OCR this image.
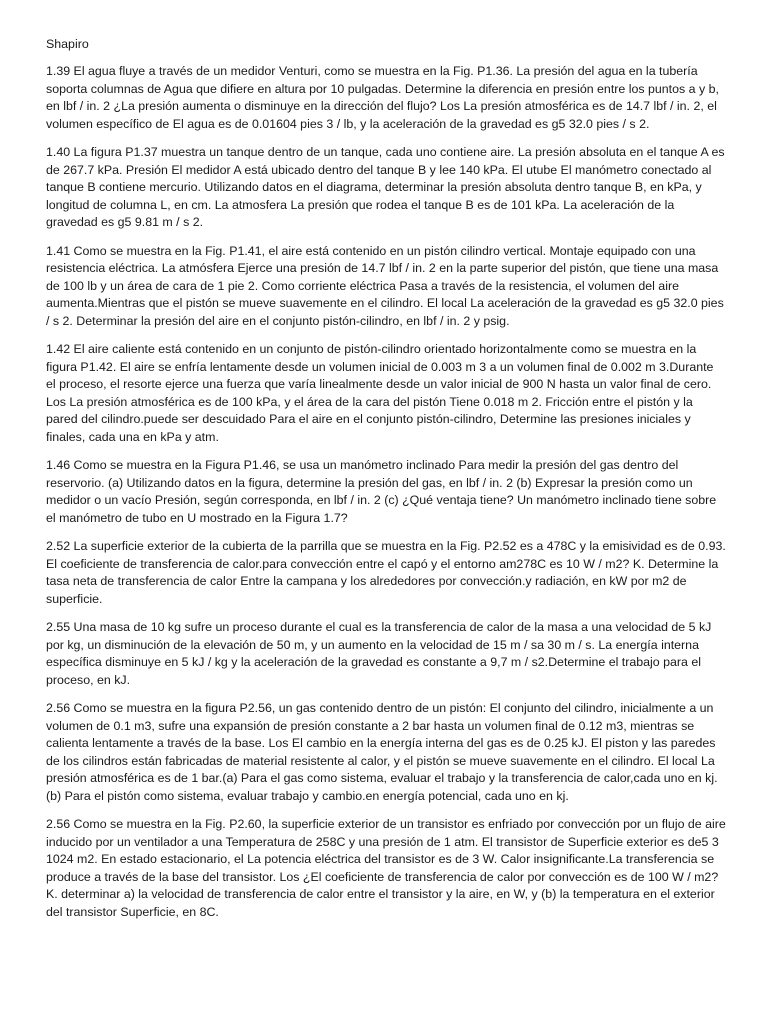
Shapiro

1.39 El agua fluye a través de un medidor Venturi, como se muestra en la Fig. P1.36. La presión del agua en la tubería soporta columnas de Agua que difiere en altura por 10 pulgadas. Determine la diferencia en presión entre los puntos a y b, en lbf / in. 2 ¿La presión aumenta o disminuye en la dirección del flujo? Los La presión atmosférica es de 14.7 lbf / in. 2, el volumen específico de El agua es de 0.01604 pies 3 / lb, y la aceleración de la gravedad es g5 32.0 pies / s 2.

1.40 La figura P1.37 muestra un tanque dentro de un tanque, cada uno contiene aire. La presión absoluta en el tanque A es de 267.7 kPa. Presión El medidor A está ubicado dentro del tanque B y lee 140 kPa. El utube El manómetro conectado al tanque B contiene mercurio. Utilizando datos en el diagrama, determinar la presión absoluta dentro tanque B, en kPa, y longitud de columna L, en cm. La atmosfera La presión que rodea el tanque B es de 101 kPa. La aceleración de la gravedad es g5 9.81 m / s 2.

1.41 Como se muestra en la Fig. P1.41, el aire está contenido en un pistón cilindro vertical. Montaje equipado con una resistencia eléctrica. La atmósfera Ejerce una presión de 14.7 lbf / in. 2 en la parte superior del pistón, que tiene una masa de 100 lb y un área de cara de 1 pie 2. Como corriente eléctrica Pasa a través de la resistencia, el volumen del aire aumenta.Mientras que el pistón se mueve suavemente en el cilindro. El local La aceleración de la gravedad es g5 32.0 pies / s 2. Determinar la presión del aire en el conjunto pistón-cilindro, en lbf / in. 2 y psig.

1.42 El aire caliente está contenido en un conjunto de pistón-cilindro orientado horizontalmente como se muestra en la figura P1.42. El aire se enfría lentamente desde un volumen inicial de 0.003 m 3 a un volumen final de 0.002 m 3.Durante el proceso, el resorte ejerce una fuerza que varía linealmente desde un valor inicial de 900 N hasta un valor final de cero. Los La presión atmosférica es de 100 kPa, y el área de la cara del pistón Tiene 0.018 m 2. Fricción entre el pistón y la pared del cilindro.puede ser descuidado Para el aire en el conjunto pistón-cilindro, Determine las presiones iniciales y finales, cada una en kPa y atm.

1.46 Como se muestra en la Figura P1.46, se usa un manómetro inclinado Para medir la presión del gas dentro del reservorio. (a) Utilizando datos en la figura, determine la presión del gas, en lbf / in. 2 (b) Expresar la presión como un medidor o un vacío Presión, según corresponda, en lbf / in. 2 (c) ¿Qué ventaja tiene? Un manómetro inclinado tiene sobre el manómetro de tubo en U mostrado en la Figura 1.7?

2.52 La superficie exterior de la cubierta de la parrilla que se muestra en la Fig. P2.52 es a 478C y la emisividad es de 0.93. El coeficiente de transferencia de calor.para convección entre el capó y el entorno am278C es 10 W / m2? K. Determine la tasa neta de transferencia de calor Entre la campana y los alrededores por convección.y radiación, en kW por m2 de superficie.

2.55 Una masa de 10 kg sufre un proceso durante el cual es la transferencia de calor de la masa a una velocidad de 5 kJ por kg, un disminución de la elevación de 50 m, y un aumento en la velocidad de 15 m / sa 30 m / s. La energía interna específica disminuye en 5 kJ / kg y la aceleración de la gravedad es constante a 9,7 m / s2.Determine el trabajo para el proceso, en kJ.

2.56 Como se muestra en la figura P2.56, un gas contenido dentro de un pistón: El conjunto del cilindro, inicialmente a un volumen de 0.1 m3, sufre una expansión de presión constante a 2 bar hasta un volumen final de 0.12 m3, mientras se calienta lentamente a través de la base. Los El cambio en la energía interna del gas es de 0.25 kJ. El piston y las paredes de los cilindros están fabricadas de material resistente al calor, y el pistón se mueve suavemente en el cilindro. El local La presión atmosférica es de 1 bar.(a) Para el gas como sistema, evaluar el trabajo y la transferencia de calor,cada uno en kj.(b) Para el pistón como sistema, evaluar trabajo y cambio.en energía potencial, cada uno en kj.

2.56 Como se muestra en la Fig. P2.60, la superficie exterior de un transistor es enfriado por convección por un flujo de aire inducido por un ventilador a una Temperatura de 258C y una presión de 1 atm. El transistor de Superficie exterior es de5 3 1024 m2. En estado estacionario, el La potencia eléctrica del transistor es de 3 W. Calor insignificante.La transferencia se produce a través de la base del transistor. Los ¿El coeficiente de transferencia de calor por convección es de 100 W / m2? K. determinar a) la velocidad de transferencia de calor entre el transistor y la aire, en W, y (b) la temperatura en el exterior del transistor Superficie, en 8C.
